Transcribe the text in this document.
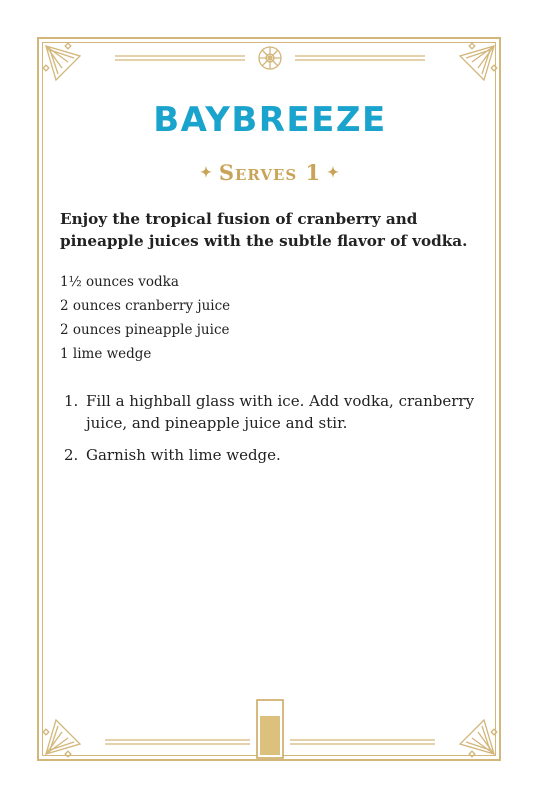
BAYBREEZE
✦ Serves 1 ✦
Enjoy the tropical fusion of cranberry and pineapple juices with the subtle flavor of vodka.
1½ ounces vodka
2 ounces cranberry juice
2 ounces pineapple juice
1 lime wedge
1. Fill a highball glass with ice. Add vodka, cranberry juice, and pineapple juice and stir.
2. Garnish with lime wedge.
